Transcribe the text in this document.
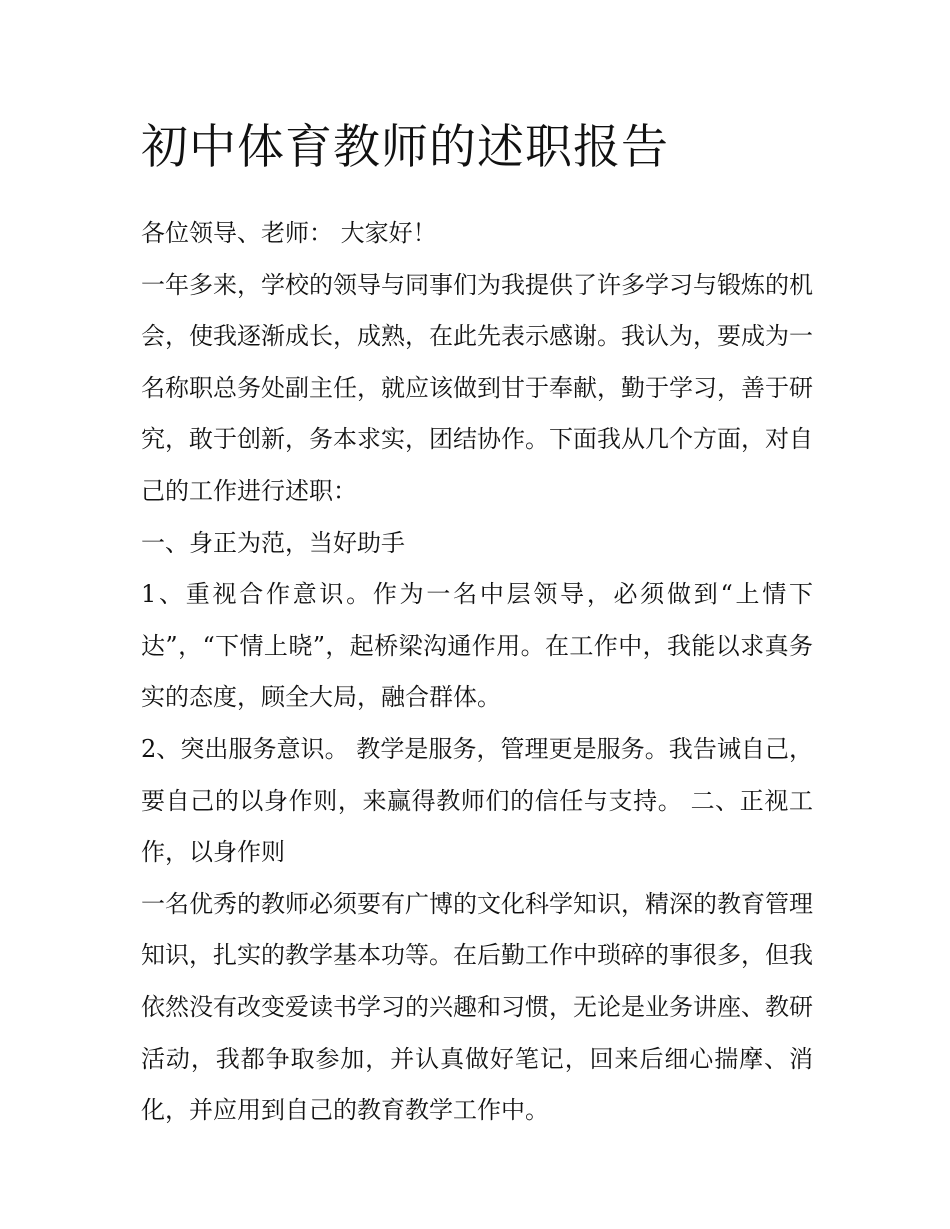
初中体育教师的述职报告

各位领导、老师： 大家好！

一年多来，学校的领导与同事们为我提供了许多学习与锻炼的机会，使我逐渐成长，成熟，在此先表示感谢。我认为，要成为一名称职总务处副主任，就应该做到甘于奉献，勤于学习，善于研究，敢于创新，务本求实，团结协作。下面我从几个方面，对自己的工作进行述职：

一、身正为范，当好助手

1、重视合作意识。作为一名中层领导，必须做到“上情下达”，“下情上晓”，起桥梁沟通作用。在工作中，我能以求真务实的态度，顾全大局，融合群体。

2、突出服务意识。 教学是服务，管理更是服务。我告诫自己，要自己的以身作则，来赢得教师们的信任与支持。 二、正视工作，以身作则

一名优秀的教师必须要有广博的文化科学知识，精深的教育管理知识，扎实的教学基本功等。在后勤工作中琐碎的事很多，但我依然没有改变爱读书学习的兴趣和习惯，无论是业务讲座、教研活动，我都争取参加，并认真做好笔记，回来后细心揣摩、消化，并应用到自己的教育教学工作中。
